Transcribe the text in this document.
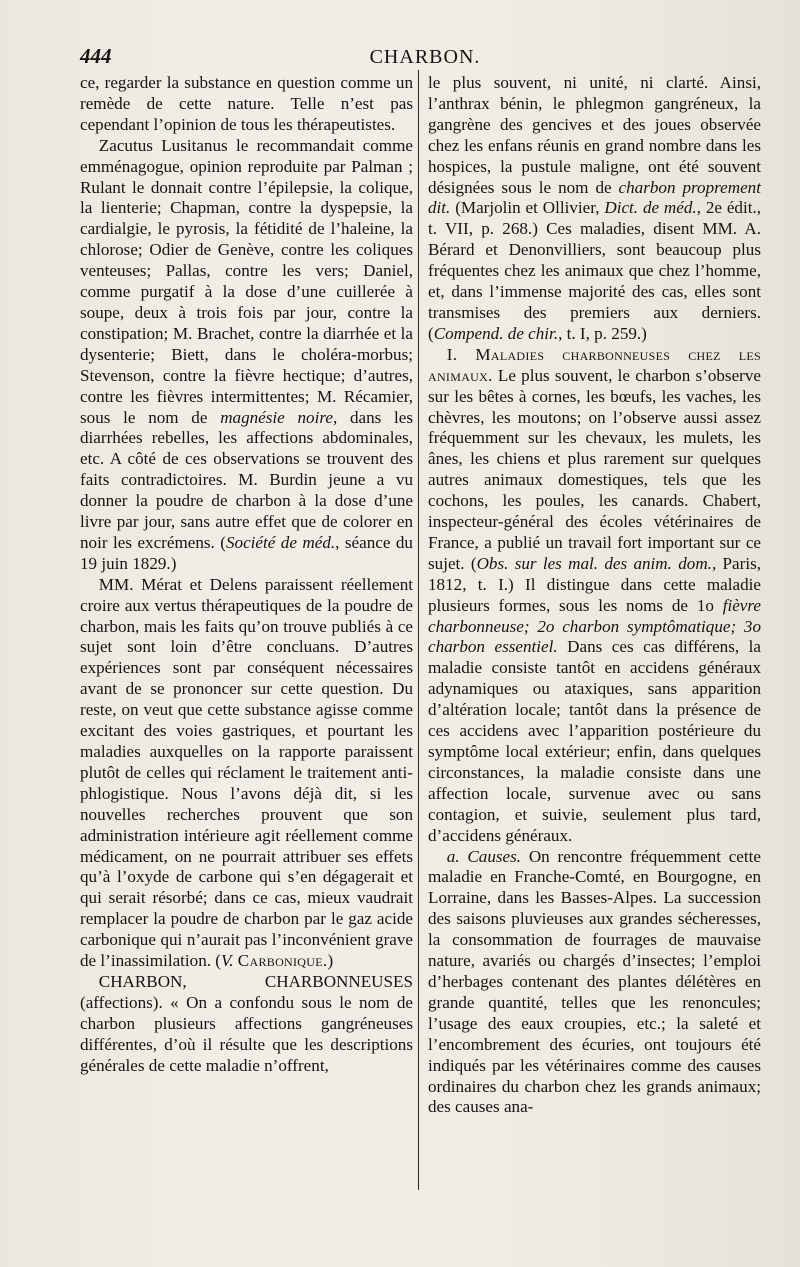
444	CHARBON.

ce, regarder la substance en question comme un remède de cette nature. Telle n’est pas cependant l’opinion de tous les thérapeutistes.

Zacutus Lusitanus le recommandait comme emménagogue, opinion reproduite par Palman ; Rulant le donnait contre l’épilepsie, la colique, la lienterie; Chapman, contre la dyspepsie, la cardialgie, le pyrosis, la fétidité de l’haleine, la chlorose; Odier de Genève, contre les coliques venteuses; Pallas, contre les vers; Daniel, comme purgatif à la dose d’une cuillerée à soupe, deux à trois fois par jour, contre la constipation; M. Brachet, contre la diarrhée et la dysenterie; Biett, dans le choléra-morbus; Stevenson, contre la fièvre hectique; d’autres, contre les fièvres intermittentes; M. Récamier, sous le nom de magnésie noire, dans les diarrhées rebelles, les affections abdominales, etc. A côté de ces observations se trouvent des faits contradictoires. M. Burdin jeune a vu donner la poudre de charbon à la dose d’une livre par jour, sans autre effet que de colorer en noir les excrémens. (Société de méd., séance du 19 juin 1829.)

MM. Mérat et Delens paraissent réellement croire aux vertus thérapeutiques de la poudre de charbon, mais les faits qu’on trouve publiés à ce sujet sont loin d’être concluans. D’autres expériences sont par conséquent nécessaires avant de se prononcer sur cette question. Du reste, on veut que cette substance agisse comme excitant des voies gastriques, et pourtant les maladies auxquelles on la rapporte paraissent plutôt de celles qui réclament le traitement anti-phlogistique. Nous l’avons déjà dit, si les nouvelles recherches prouvent que son administration intérieure agit réellement comme médicament, on ne pourrait attribuer ses effets qu’à l’oxyde de carbone qui s’en dégagerait et qui serait résorbé; dans ce cas, mieux vaudrait remplacer la poudre de charbon par le gaz acide carbonique qui n’aurait pas l’inconvénient grave de l’inassimilation. (V. Carbonique.)

CHARBON, CHARBONNEUSES (affections). « On a confondu sous le nom de charbon plusieurs affections gangréneuses différentes, d’où il résulte que les descriptions générales de cette maladie n’offrent,

le plus souvent, ni unité, ni clarté. Ainsi, l’anthrax bénin, le phlegmon gangréneux, la gangrène des gencives et des joues observée chez les enfans réunis en grand nombre dans les hospices, la pustule maligne, ont été souvent désignées sous le nom de charbon proprement dit. (Marjolin et Ollivier, Dict. de méd., 2e édit., t. VII, p. 268.) Ces maladies, disent MM. A. Bérard et Denonvilliers, sont beaucoup plus fréquentes chez les animaux que chez l’homme, et, dans l’immense majorité des cas, elles sont transmises des premiers aux derniers. (Compend. de chir., t. I, p. 259.)

I. Maladies charbonneuses chez les animaux. Le plus souvent, le charbon s’observe sur les bêtes à cornes, les bœufs, les vaches, les chèvres, les moutons; on l’observe aussi assez fréquemment sur les chevaux, les mulets, les ânes, les chiens et plus rarement sur quelques autres animaux domestiques, tels que les cochons, les poules, les canards. Chabert, inspecteur-général des écoles vétérinaires de France, a publié un travail fort important sur ce sujet. (Obs. sur les mal. des anim. dom., Paris, 1812, t. I.) Il distingue dans cette maladie plusieurs formes, sous les noms de 1o fièvre charbonneuse; 2o charbon symptômatique; 3o charbon essentiel. Dans ces cas différens, la maladie consiste tantôt en accidens généraux adynamiques ou ataxiques, sans apparition d’altération locale; tantôt dans la présence de ces accidens avec l’apparition postérieure du symptôme local extérieur; enfin, dans quelques circonstances, la maladie consiste dans une affection locale, survenue avec ou sans contagion, et suivie, seulement plus tard, d’accidens généraux.

a. Causes. On rencontre fréquemment cette maladie en Franche-Comté, en Bourgogne, en Lorraine, dans les Basses-Alpes. La succession des saisons pluvieuses aux grandes sécheresses, la consommation de fourrages de mauvaise nature, avariés ou chargés d’insectes; l’emploi d’herbages contenant des plantes délétères en grande quantité, telles que les renoncules; l’usage des eaux croupies, etc.; la saleté et l’encombrement des écuries, ont toujours été indiqués par les vétérinaires comme des causes ordinaires du charbon chez les grands animaux; des causes ana-
